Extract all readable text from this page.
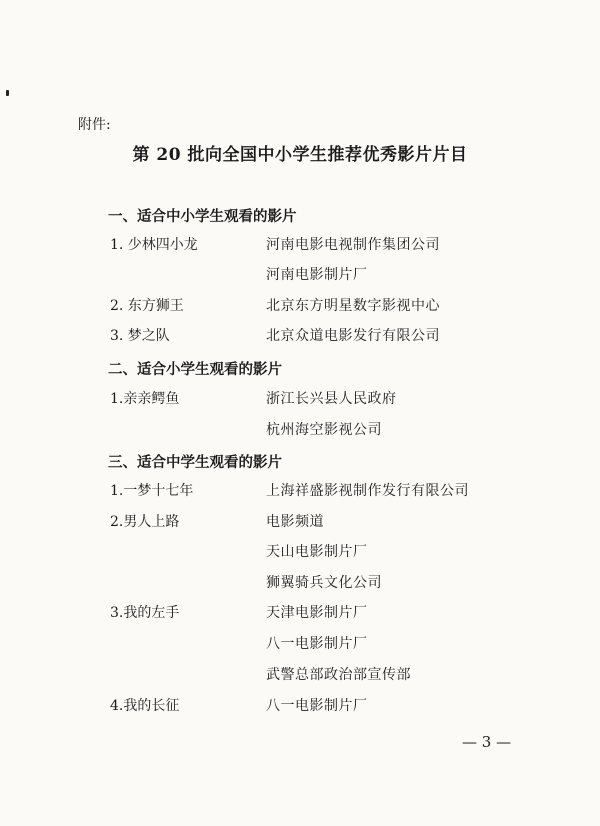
附件:
第 20 批向全国中小学生推荐优秀影片片目
一、适合中小学生观看的影片
1. 少林四小龙	河南电影电视制作集团公司
河南电影制片厂
2. 东方狮王	北京东方明星数字影视中心
3. 梦之队	北京众道电影发行有限公司
二、适合小学生观看的影片
1.亲亲鳄鱼	浙江长兴县人民政府
杭州海空影视公司
三、适合中学生观看的影片
1.一梦十七年	上海祥盛影视制作发行有限公司
2.男人上路	电影频道
天山电影制片厂
狮翼骑兵文化公司
3.我的左手	天津电影制片厂
八一电影制片厂
武警总部政治部宣传部
4.我的长征	八一电影制片厂
— 3 —
